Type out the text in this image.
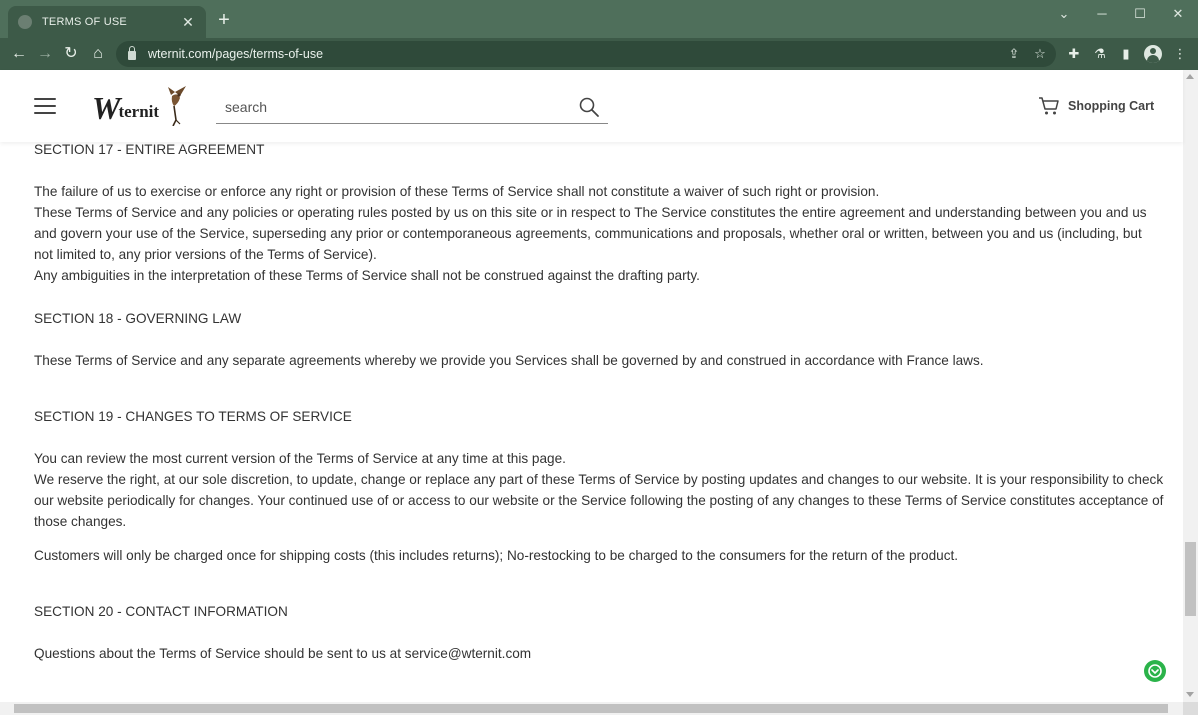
TERMS OF USE	✕ +	⌄	─	☐	✕
← → ↻ ⌂	wternit.com/pages/terms-of-use	⇪ ☆ ✚ ⚗	▮	⋮
Wternit
search	Shopping Cart
SECTION 17 - ENTIRE AGREEMENT

The failure of us to exercise or enforce any right or provision of these Terms of Service shall not constitute a waiver of such right or provision.

These Terms of Service and any policies or operating rules posted by us on this site or in respect to The Service constitutes the entire agreement and understanding between you and us and govern your use of the Service, superseding any prior or contemporaneous agreements, communications and proposals, whether oral or written, between you and us (including, but not limited to, any prior versions of the Terms of Service).

Any ambiguities in the interpretation of these Terms of Service shall not be construed against the drafting party.

SECTION 18 - GOVERNING LAW

These Terms of Service and any separate agreements whereby we provide you Services shall be governed by and construed in accordance with France laws.

SECTION 19 - CHANGES TO TERMS OF SERVICE

You can review the most current version of the Terms of Service at any time at this page.

We reserve the right, at our sole discretion, to update, change or replace any part of these Terms of Service by posting updates and changes to our website. It is your responsibility to check our website periodically for changes. Your continued use of or access to our website or the Service following the posting of any changes to these Terms of Service constitutes acceptance of those changes.

Customers will only be charged once for shipping costs (this includes returns); No-restocking to be charged to the consumers for the return of the product.

SECTION 20 - CONTACT INFORMATION

Questions about the Terms of Service should be sent to us at service@wternit.com
